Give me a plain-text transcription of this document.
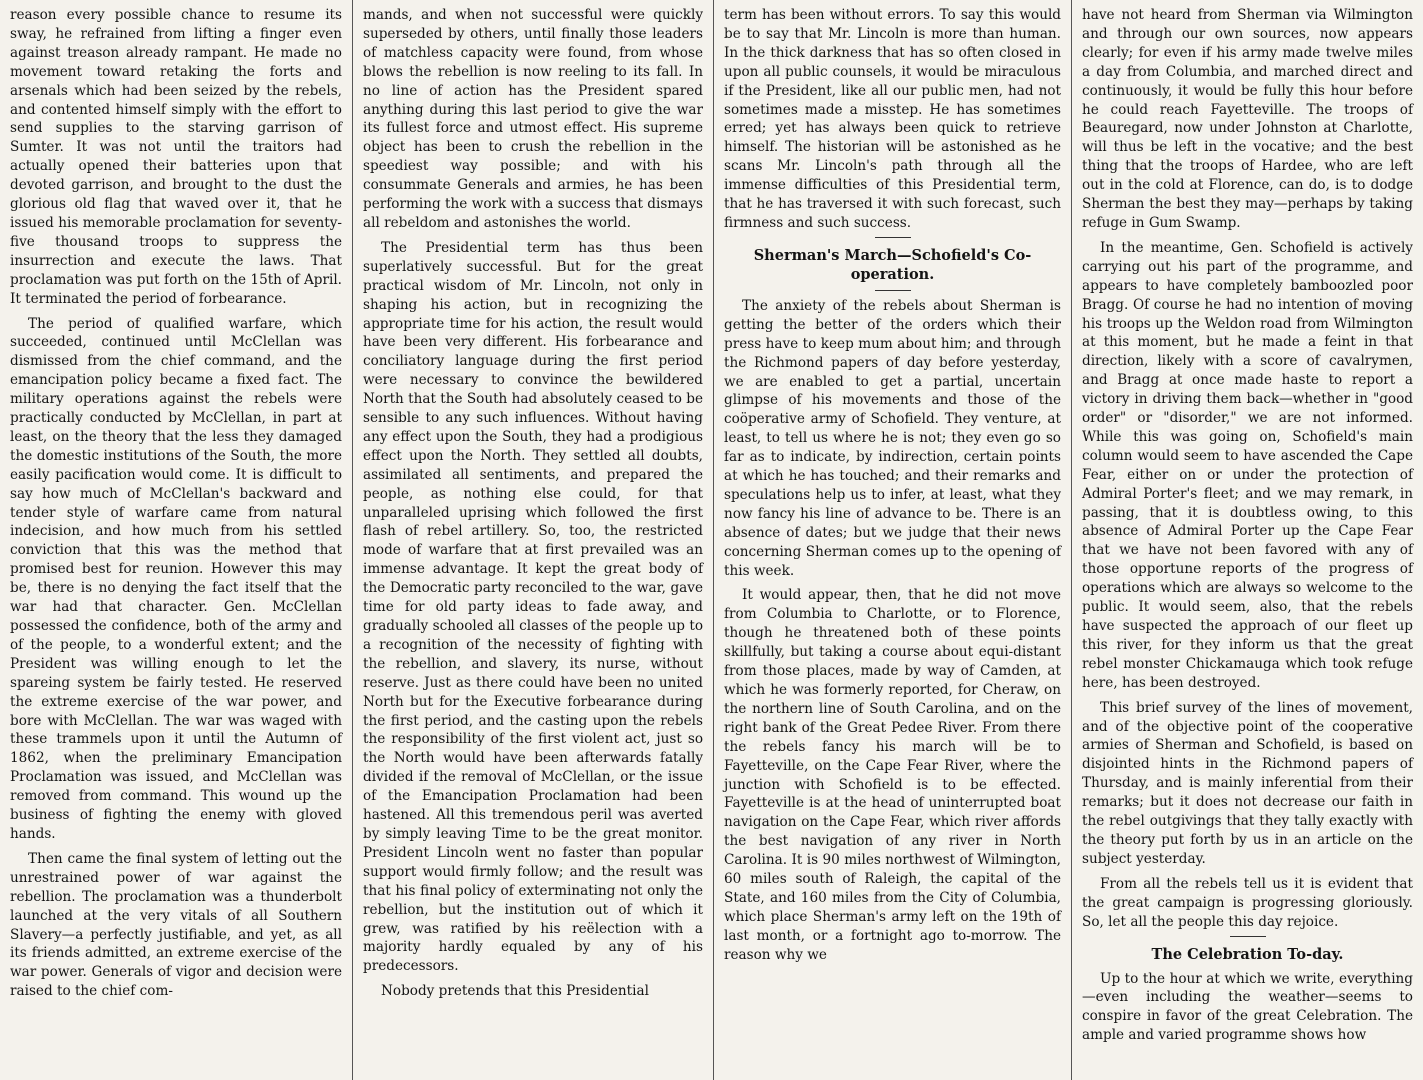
reason every possible chance to resume its sway, he refrained from lifting a finger even against treason already rampant. He made no movement toward retaking the forts and arsenals which had been seized by the rebels, and contented himself simply with the effort to send supplies to the starving garrison of Sumter. It was not until the traitors had actually opened their batteries upon that devoted garrison, and brought to the dust the glorious old flag that waved over it, that he issued his memorable proclamation for seventy-five thousand troops to suppress the insurrection and execute the laws. That proclamation was put forth on the 15th of April. It terminated the period of forbearance.

The period of qualified warfare, which succeeded, continued until McClellan was dismissed from the chief command, and the emancipation policy became a fixed fact. The military operations against the rebels were practically conducted by McClellan, in part at least, on the theory that the less they damaged the domestic institutions of the South, the more easily pacification would come. It is difficult to say how much of McClellan's backward and tender style of warfare came from natural indecision, and how much from his settled conviction that this was the method that promised best for reunion. However this may be, there is no denying the fact itself that the war had that character. Gen. McClellan possessed the confidence, both of the army and of the people, to a wonderful extent; and the President was willing enough to let the spareing system be fairly tested. He reserved the extreme exercise of the war power, and bore with McClellan. The war was waged with these trammels upon it until the Autumn of 1862, when the preliminary Emancipation Proclamation was issued, and McClellan was removed from command. This wound up the business of fighting the enemy with gloved hands.

Then came the final system of letting out the unrestrained power of war against the rebellion. The proclamation was a thunderbolt launched at the very vitals of all Southern Slavery—a perfectly justifiable, and yet, as all its friends admitted, an extreme exercise of the war power. Generals of vigor and decision were raised to the chief com-

mands, and when not successful were quickly superseded by others, until finally those leaders of matchless capacity were found, from whose blows the rebellion is now reeling to its fall. In no line of action has the President spared anything during this last period to give the war its fullest force and utmost effect. His supreme object has been to crush the rebellion in the speediest way possible; and with his consummate Generals and armies, he has been performing the work with a success that dismays all rebeldom and astonishes the world.

The Presidential term has thus been superlatively successful. But for the great practical wisdom of Mr. Lincoln, not only in shaping his action, but in recognizing the appropriate time for his action, the result would have been very different. His forbearance and conciliatory language during the first period were necessary to convince the bewildered North that the South had absolutely ceased to be sensible to any such influences. Without having any effect upon the South, they had a prodigious effect upon the North. They settled all doubts, assimilated all sentiments, and prepared the people, as nothing else could, for that unparalleled uprising which followed the first flash of rebel artillery. So, too, the restricted mode of warfare that at first prevailed was an immense advantage. It kept the great body of the Democratic party reconciled to the war, gave time for old party ideas to fade away, and gradually schooled all classes of the people up to a recognition of the necessity of fighting with the rebellion, and slavery, its nurse, without reserve. Just as there could have been no united North but for the Executive forbearance during the first period, and the casting upon the rebels the responsibility of the first violent act, just so the North would have been afterwards fatally divided if the removal of McClellan, or the issue of the Emancipation Proclamation had been hastened. All this tremendous peril was averted by simply leaving Time to be the great monitor. President Lincoln went no faster than popular support would firmly follow; and the result was that his final policy of exterminating not only the rebellion, but the institution out of which it grew, was ratified by his reëlection with a majority hardly equaled by any of his predecessors.

Nobody pretends that this Presidential

term has been without errors. To say this would be to say that Mr. Lincoln is more than human. In the thick darkness that has so often closed in upon all public counsels, it would be miraculous if the President, like all our public men, had not sometimes made a misstep. He has sometimes erred; yet has always been quick to retrieve himself. The historian will be astonished as he scans Mr. Lincoln's path through all the immense difficulties of this Presidential term, that he has traversed it with such forecast, such firmness and such success.

Sherman's March—Schofield's Co-operation.

The anxiety of the rebels about Sherman is getting the better of the orders which their press have to keep mum about him; and through the Richmond papers of day before yesterday, we are enabled to get a partial, uncertain glimpse of his movements and those of the coöperative army of Schofield. They venture, at least, to tell us where he is not; they even go so far as to indicate, by indirection, certain points at which he has touched; and their remarks and speculations help us to infer, at least, what they now fancy his line of advance to be. There is an absence of dates; but we judge that their news concerning Sherman comes up to the opening of this week.

It would appear, then, that he did not move from Columbia to Charlotte, or to Florence, though he threatened both of these points skillfully, but taking a course about equi-distant from those places, made by way of Camden, at which he was formerly reported, for Cheraw, on the northern line of South Carolina, and on the right bank of the Great Pedee River. From there the rebels fancy his march will be to Fayetteville, on the Cape Fear River, where the junction with Schofield is to be effected. Fayetteville is at the head of uninterrupted boat navigation on the Cape Fear, which river affords the best navigation of any river in North Carolina. It is 90 miles northwest of Wilmington, 60 miles south of Raleigh, the capital of the State, and 160 miles from the City of Columbia, which place Sherman's army left on the 19th of last month, or a fortnight ago to-morrow. The reason why we

have not heard from Sherman via Wilmington and through our own sources, now appears clearly; for even if his army made twelve miles a day from Columbia, and marched direct and continuously, it would be fully this hour before he could reach Fayetteville. The troops of Beauregard, now under Johnston at Charlotte, will thus be left in the vocative; and the best thing that the troops of Hardee, who are left out in the cold at Florence, can do, is to dodge Sherman the best they may—perhaps by taking refuge in Gum Swamp.

In the meantime, Gen. Schofield is actively carrying out his part of the programme, and appears to have completely bamboozled poor Bragg. Of course he had no intention of moving his troops up the Weldon road from Wilmington at this moment, but he made a feint in that direction, likely with a score of cavalrymen, and Bragg at once made haste to report a victory in driving them back—whether in "good order" or "disorder," we are not informed. While this was going on, Schofield's main column would seem to have ascended the Cape Fear, either on or under the protection of Admiral Porter's fleet; and we may remark, in passing, that it is doubtless owing, to this absence of Admiral Porter up the Cape Fear that we have not been favored with any of those opportune reports of the progress of operations which are always so welcome to the public. It would seem, also, that the rebels have suspected the approach of our fleet up this river, for they inform us that the great rebel monster Chickamauga which took refuge here, has been destroyed.

This brief survey of the lines of movement, and of the objective point of the cooperative armies of Sherman and Schofield, is based on disjointed hints in the Richmond papers of Thursday, and is mainly inferential from their remarks; but it does not decrease our faith in the rebel outgivings that they tally exactly with the theory put forth by us in an article on the subject yesterday.

From all the rebels tell us it is evident that the great campaign is progressing gloriously. So, let all the people this day rejoice.

The Celebration To-day.

Up to the hour at which we write, everything—even including the weather—seems to conspire in favor of the great Celebration. The ample and varied programme shows how
